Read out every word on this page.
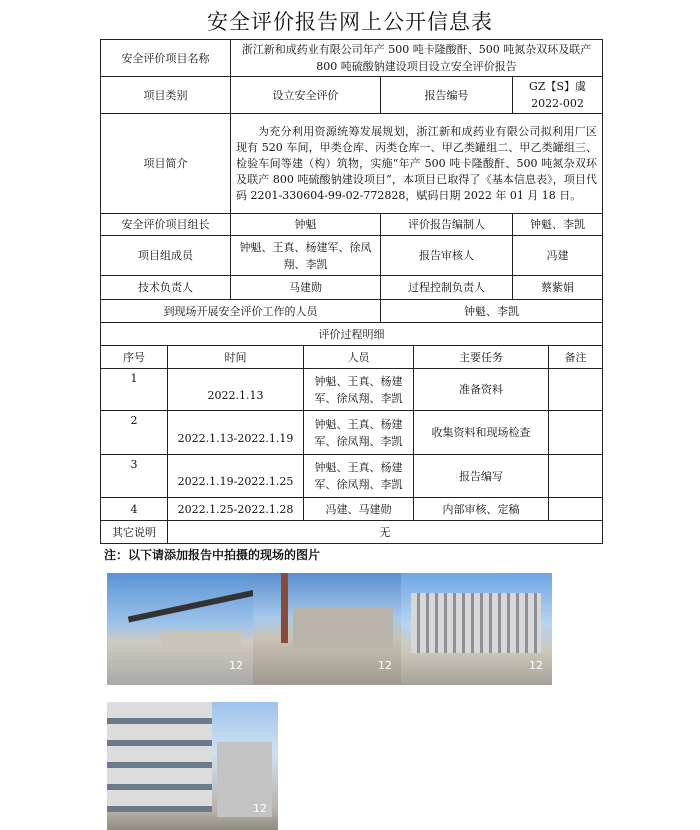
安全评价报告网上公开信息表
安全评价项目名称	浙江新和成药业有限公司年产 500 吨卡隆酸酐、500 吨氮杂双环及联产 800 吨硫酸钠建设项目设立安全评价报告		
项目类别	设立安全评价	报告编号	GZ【S】虞 2022-002
项目简介	为充分利用资源统筹发展规划，浙江新和成药业有限公司拟利用厂区现有 520 车间，甲类仓库、丙类仓库一、甲乙类罐组二、甲乙类罐组三、检验车间等建（构）筑物，实施“年产 500 吨卡隆酸酐、500 吨氮杂双环及联产 800 吨硫酸钠建设项目”，本项目已取得了《基本信息表》，项目代码 2201-330604-99-02-772828，赋码日期 2022 年 01 月 18 日。		
安全评价项目组长	钟魁	评价报告编制人	钟魁、李凯
项目组成员	钟魁、王真、杨建军、徐凤翔、李凯	报告审核人	冯建
技术负责人	马建勋	过程控制负责人	蔡紫娟
到现场开展安全评价工作的人员		钟魁、李凯	
评价过程明细			
序号	时间	人员	主要任务	备注
1	2022.1.13	钟魁、王真、杨建军、徐凤翔、李凯	准备资料	
2	2022.1.13-2022.1.19	钟魁、王真、杨建军、徐凤翔、李凯	收集资料和现场检查	
3	2022.1.19-2022.1.25	钟魁、王真、杨建军、徐凤翔、李凯	报告编写	
4	2022.1.25-2022.1.28	冯建、马建勋	内部审核、定稿	
其它说明	无			
注：以下请添加报告中拍摄的现场的图片
12	12	12
12
